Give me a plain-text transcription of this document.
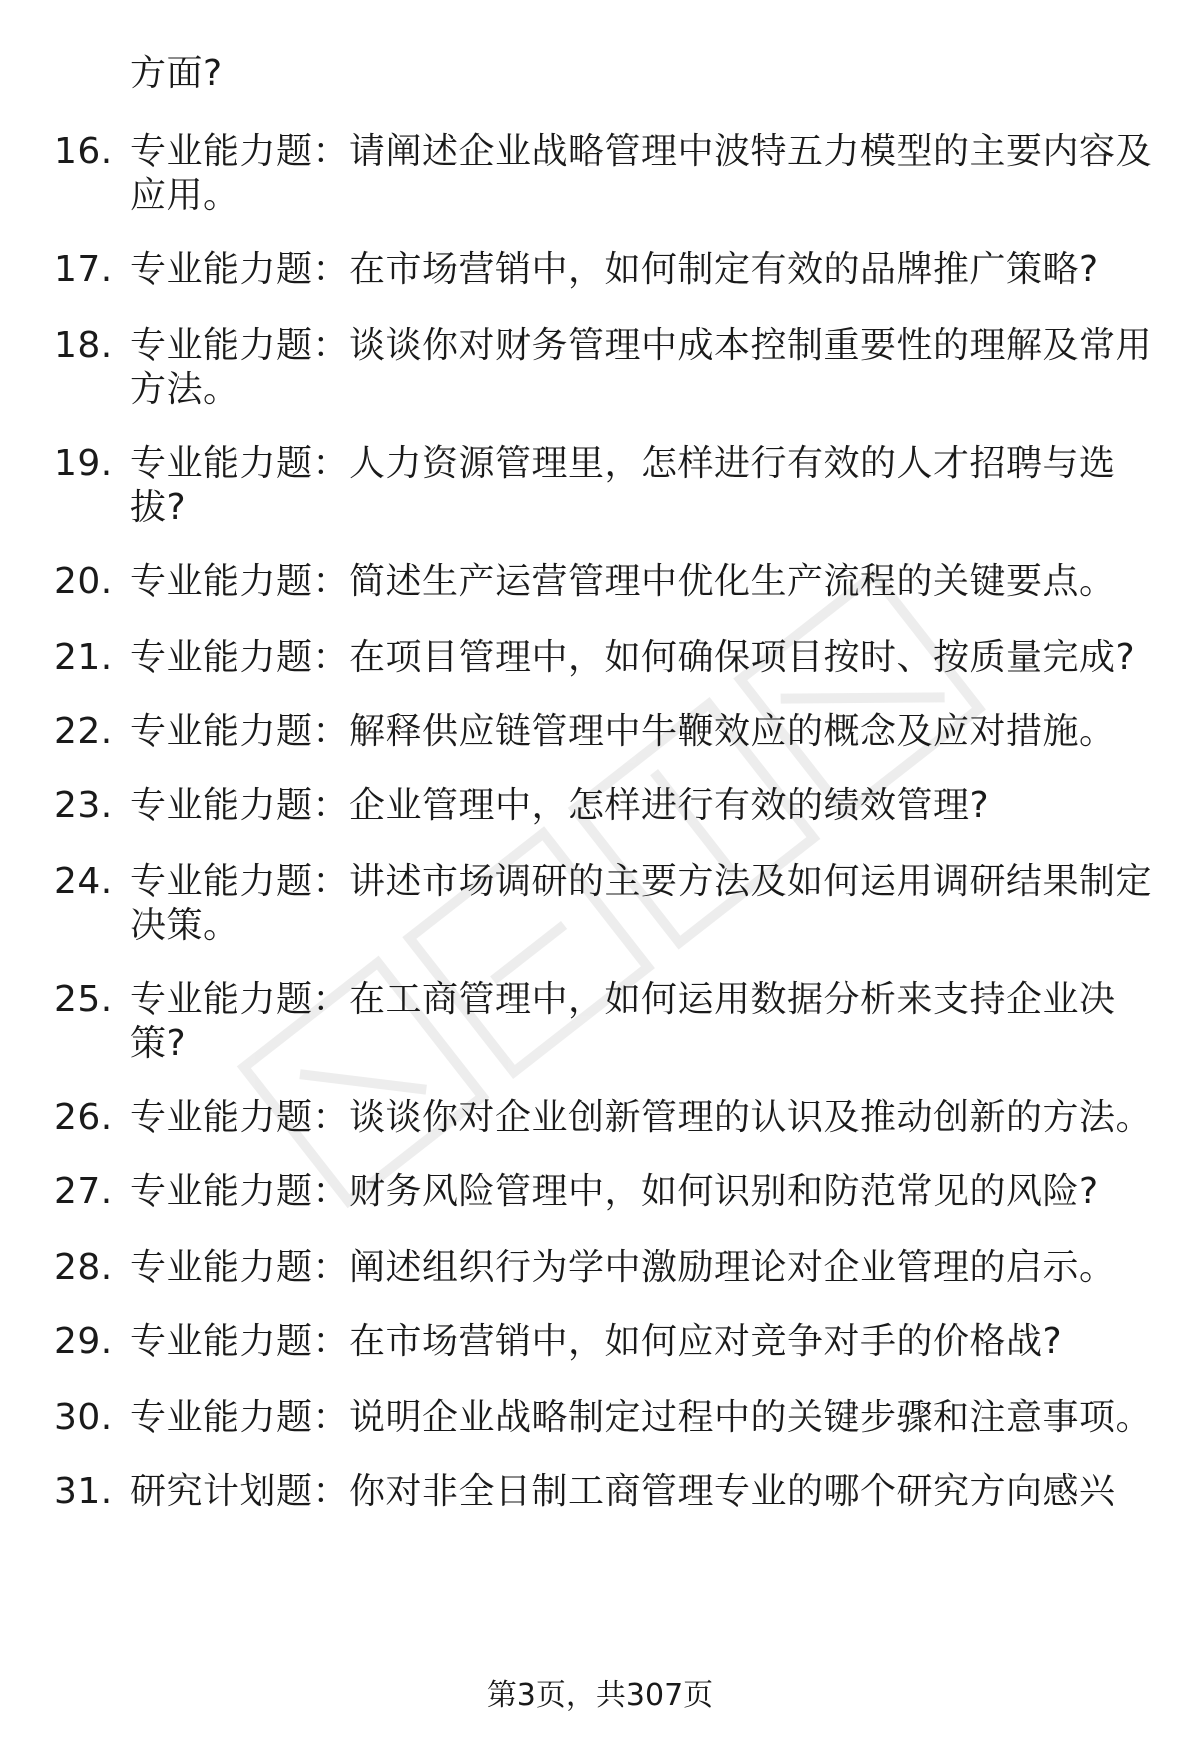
方面?
16. 专业能力题：请阐述企业战略管理中波特五力模型的主要内容及
应用。
17. 专业能力题：在市场营销中，如何制定有效的品牌推广策略?
18. 专业能力题：谈谈你对财务管理中成本控制重要性的理解及常用
方法。
19. 专业能力题：人力资源管理里，怎样进行有效的人才招聘与选
拔?
20. 专业能力题：简述生产运营管理中优化生产流程的关键要点。
21. 专业能力题：在项目管理中，如何确保项目按时、按质量完成?
22. 专业能力题：解释供应链管理中牛鞭效应的概念及应对措施。
23. 专业能力题：企业管理中，怎样进行有效的绩效管理?
24. 专业能力题：讲述市场调研的主要方法及如何运用调研结果制定
决策。
25. 专业能力题：在工商管理中，如何运用数据分析来支持企业决
策?
26. 专业能力题：谈谈你对企业创新管理的认识及推动创新的方法。
27. 专业能力题：财务风险管理中，如何识别和防范常见的风险?
28. 专业能力题：阐述组织行为学中激励理论对企业管理的启示。
29. 专业能力题：在市场营销中，如何应对竞争对手的价格战?
30. 专业能力题：说明企业战略制定过程中的关键步骤和注意事项。
31. 研究计划题：你对非全日制工商管理专业的哪个研究方向感兴
第3页，共307页
